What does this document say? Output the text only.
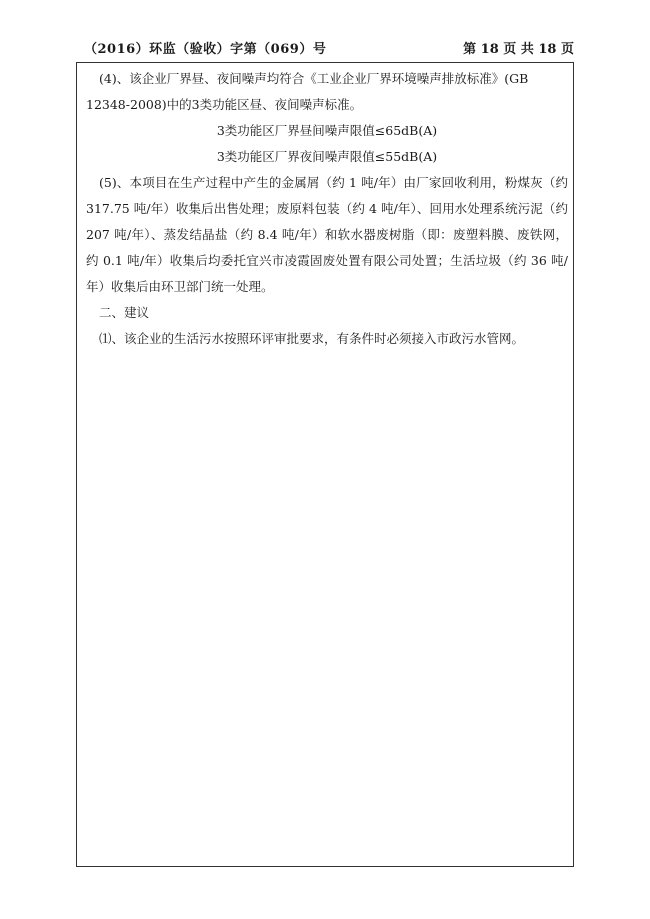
（2016）环监（验收）字第（069）号	第 18 页 共 18 页

(4)、该企业厂界昼、夜间噪声均符合《工业企业厂界环境噪声排放标准》(GB

12348-2008)中的3类功能区昼、夜间噪声标准。

3类功能区厂界昼间噪声限值≤65dB(A)

3类功能区厂界夜间噪声限值≤55dB(A)

(5)、本项目在生产过程中产生的金属屑（约 1 吨/年）由厂家回收利用，粉煤灰（约 317.75 吨/年）收集后出售处理；废原料包装（约 4 吨/年）、回用水处理系统污泥（约 207 吨/年）、蒸发结晶盐（约 8.4 吨/年）和软水器废树脂（即：废塑料膜、废铁网，约 0.1 吨/年）收集后均委托宜兴市凌霞固废处置有限公司处置；生活垃圾（约 36 吨/年）收集后由环卫部门统一处理。

二、建议

⑴、该企业的生活污水按照环评审批要求，有条件时必须接入市政污水管网。
